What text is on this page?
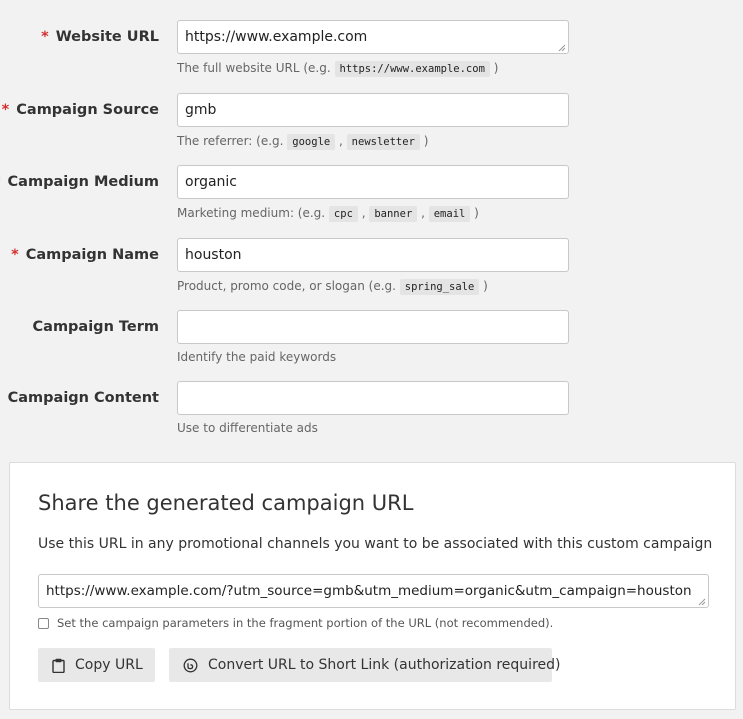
* Website URL
https://www.example.com
The full website URL (e.g. https://www.example.com )
* Campaign Source
gmb
The referrer: (e.g. google , newsletter )
Campaign Medium
organic
Marketing medium: (e.g. cpc , banner , email )
* Campaign Name
houston
Product, promo code, or slogan (e.g. spring_sale )
Campaign Term
Identify the paid keywords
Campaign Content
Use to differentiate ads
Share the generated campaign URL
Use this URL in any promotional channels you want to be associated with this custom campaign
https://www.example.com/?utm_source=gmb&utm_medium=organic&utm_campaign=houston
Set the campaign parameters in the fragment portion of the URL (not recommended).
Copy URL	Convert URL to Short Link (authorization required)
